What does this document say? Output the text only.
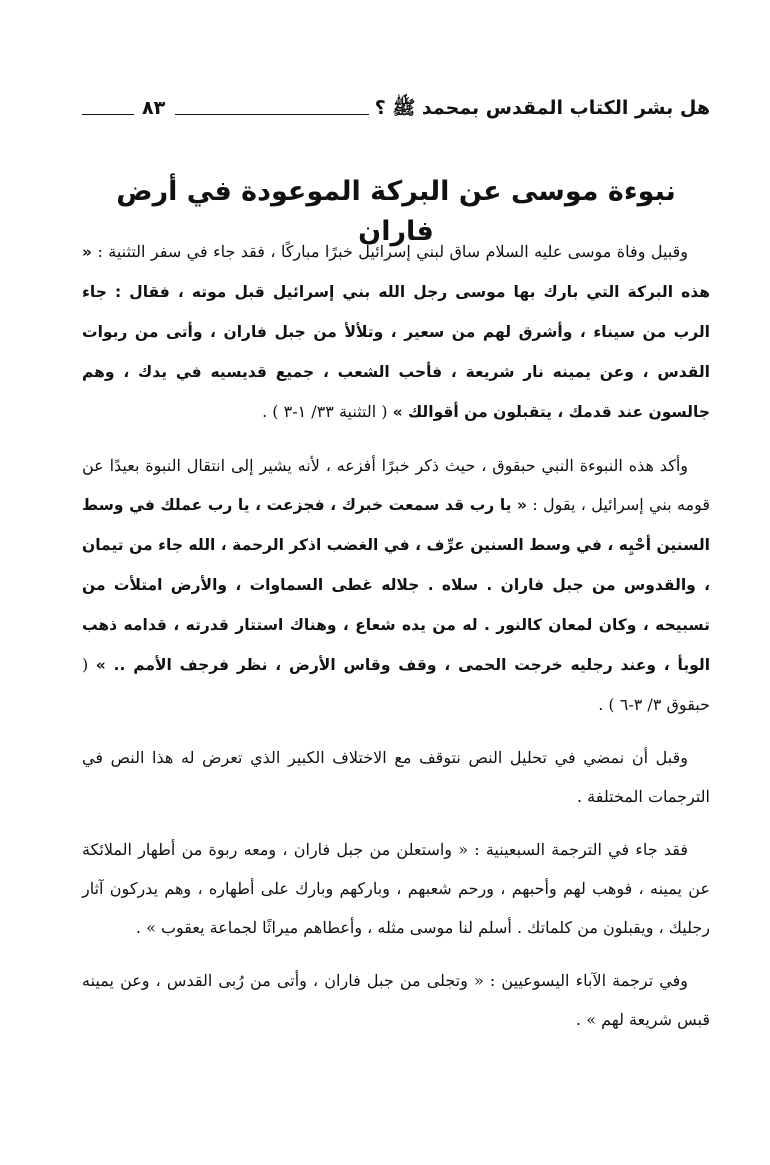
هل بشر الكتاب المقدس بمحمد ﷺ ؟
٨٣
نبوءة موسى عن البركة الموعودة في أرض فاران

وقبيل وفاة موسى عليه السلام ساق لبني إسرائيل خبرًا مباركًا ، فقد جاء في سفر التثنية : « هذه البركة التي بارك بها موسى رجل الله بني إسرائيل قبل موته ، فقال : جاء الرب من سيناء ، وأشرق لهم من سعير ، وتلألأ من جبل فاران ، وأتى من ربوات القدس ، وعن يمينه نار شريعة ، فأحب الشعب ، جميع قديسيه في يدك ، وهم جالسون عند قدمك ، يتقبلون من أقوالك » ( التثنية ٣٣/ ١-٣ ) .

وأكد هذه النبوءة النبي حبقوق ، حيث ذكر خبرًا أفزعه ، لأنه يشير إلى انتقال النبوة بعيدًا عن قومه بني إسرائيل ، يقول : « يا رب قد سمعت خبرك ، فجزعت ، يا رب عملك في وسط السنين أحْيِه ، في وسط السنين عرِّف ، في الغضب اذكر الرحمة ، الله جاء من تيمان ، والقدوس من جبل فاران . سلاه . جلاله غطى السماوات ، والأرض امتلأت من تسبيحه ، وكان لمعان كالنور . له من يده شعاع ، وهناك استتار قدرته ، قدامه ذهب الوبأ ، وعند رجليه خرجت الحمى ، وقف وقاس الأرض ، نظر فرجف الأمم .. » ( حبقوق ٣/ ٣-٦ ) .

وقبل أن نمضي في تحليل النص نتوقف مع الاختلاف الكبير الذي تعرض له هذا النص في الترجمات المختلفة .

فقد جاء في الترجمة السبعينية : « واستعلن من جبل فاران ، ومعه ربوة من أطهار الملائكة عن يمينه ، فوهب لهم وأحبهم ، ورحم شعبهم ، وباركهم وبارك على أطهاره ، وهم يدركون آثار رجليك ، ويقبلون من كلماتك . أسلم لنا موسى مثله ، وأعطاهم ميراثًا لجماعة يعقوب » .

وفي ترجمة الآباء اليسوعيين : « وتجلى من جبل فاران ، وأتى من رُبى القدس ، وعن يمينه قبس شريعة لهم » .
